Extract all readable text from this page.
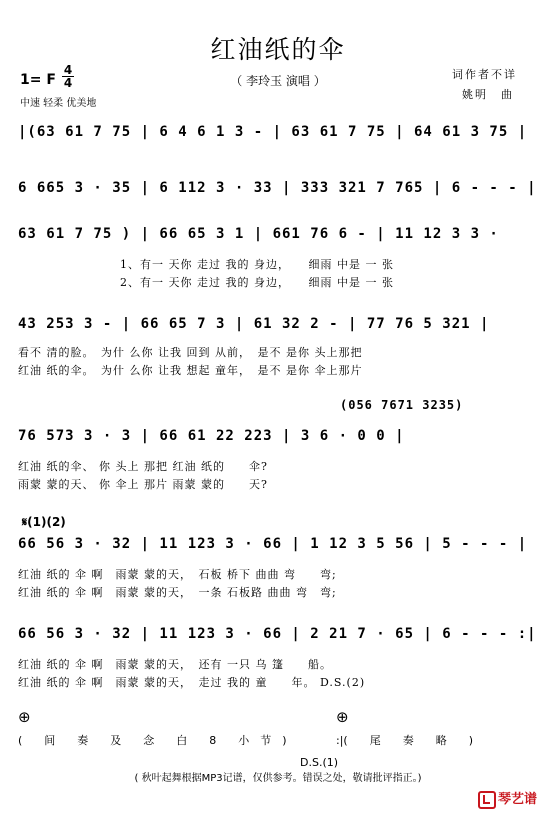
红油纸的伞
1= F $\frac{4}{4}$	（ 李玲玉 演唱 ）	词作者不详
姚明　曲
中速 轻柔 优美地
|(63 61 7 75 | 6 4 6 1 3 - | 63 61 7 75 | 64 61 3 75 |
6 665 3 · 35 | 6 112 3 · 33 | 333 321 7 765 | 6 - - - |
63 61 7 75 ) | 66 65 3 1 | 661 76 6 - | 11 12 3 3 ·
1、有一 天你 走过 我的 身边，　　细雨 中是 一 张
2、有一 天你 走过 我的 身边，　　细雨 中是 一 张
43 253 3 - | 66 65 7 3 | 61 32 2 - | 77 76 5 321 |
看不 清的脸。　为什 么你 让我 回到 从前，　是不 是你 头上那把
红油 纸的伞。　为什 么你 让我 想起 童年，　是不 是你 伞上那片
(056 7671 3235)
76 573 3 · 3 | 66 61 22 223 | 3 6 · 0 0 |
红油 纸的伞、 你 头上 那把 红油 纸的　　伞?
雨蒙 蒙的天、 你 伞上 那片 雨蒙 蒙的　　天?
𝄋(1)(2)
66 56 3 · 32 | 11 123 3 · 66 | 1 12 3 5 56 | 5 - - - |
红油 纸的 伞 啊　雨蒙 蒙的天，　石板 桥下 曲曲 弯　　弯;
红油 纸的 伞 啊　雨蒙 蒙的天，　一条 石板路 曲曲 弯　弯;
66 56 3 · 32 | 11 123 3 · 66 | 2 21 7 · 65 | 6 - - - :|
红油 纸的 伞 啊　雨蒙 蒙的天，　还有 一只 乌 篷　　船。
红油 纸的 伞 啊　雨蒙 蒙的天，　走过 我的 童　　年。 D.S.(2)
⊕	⊕
(　　间　　奏　　及　　念　　白　　8　　小　节　)	:|(　　尾　　奏　　略　　)
D.S.(1)
( 秋叶起舞根据MP3记谱，仅供参考。错误之处，敬请批评指正。)
琴艺谱
